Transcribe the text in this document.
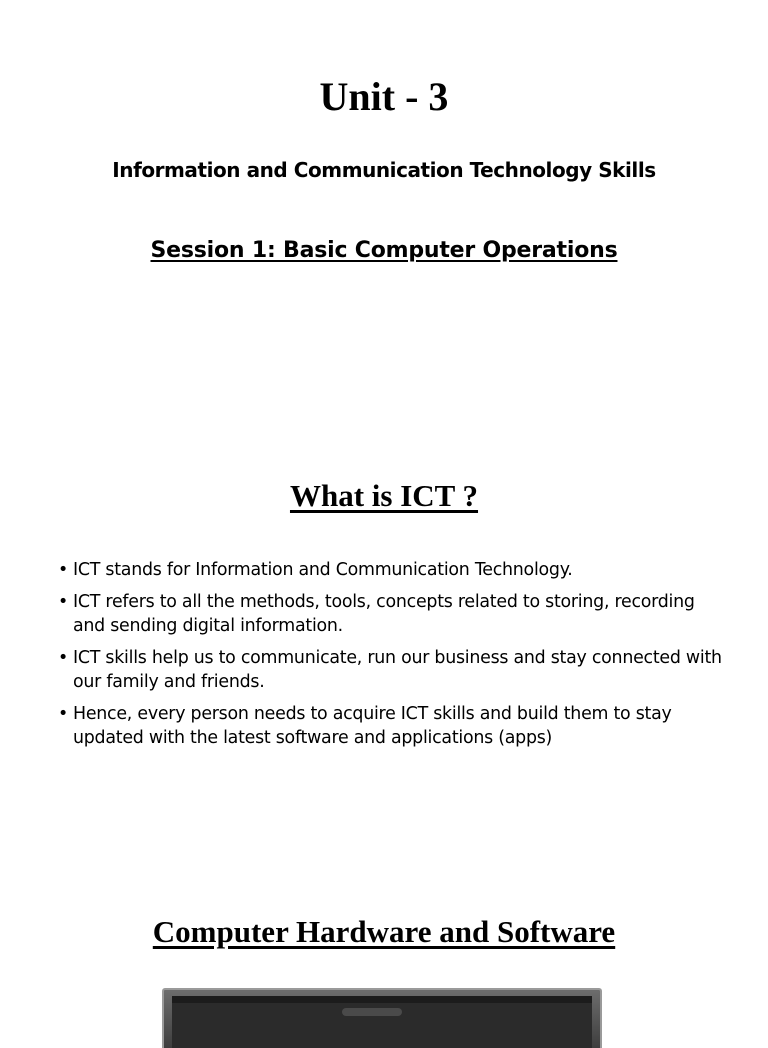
Unit - 3
Information and Communication Technology Skills
Session 1: Basic Computer Operations
What is ICT ?
• ICT stands for Information and Communication Technology.
• ICT refers to all the methods, tools, concepts related to storing, recording and sending digital information.
• ICT skills help us to communicate, run our business and stay connected with our family and friends.
• Hence, every person needs to acquire ICT skills and build them to stay updated with the latest software and applications (apps)
Computer Hardware and Software
